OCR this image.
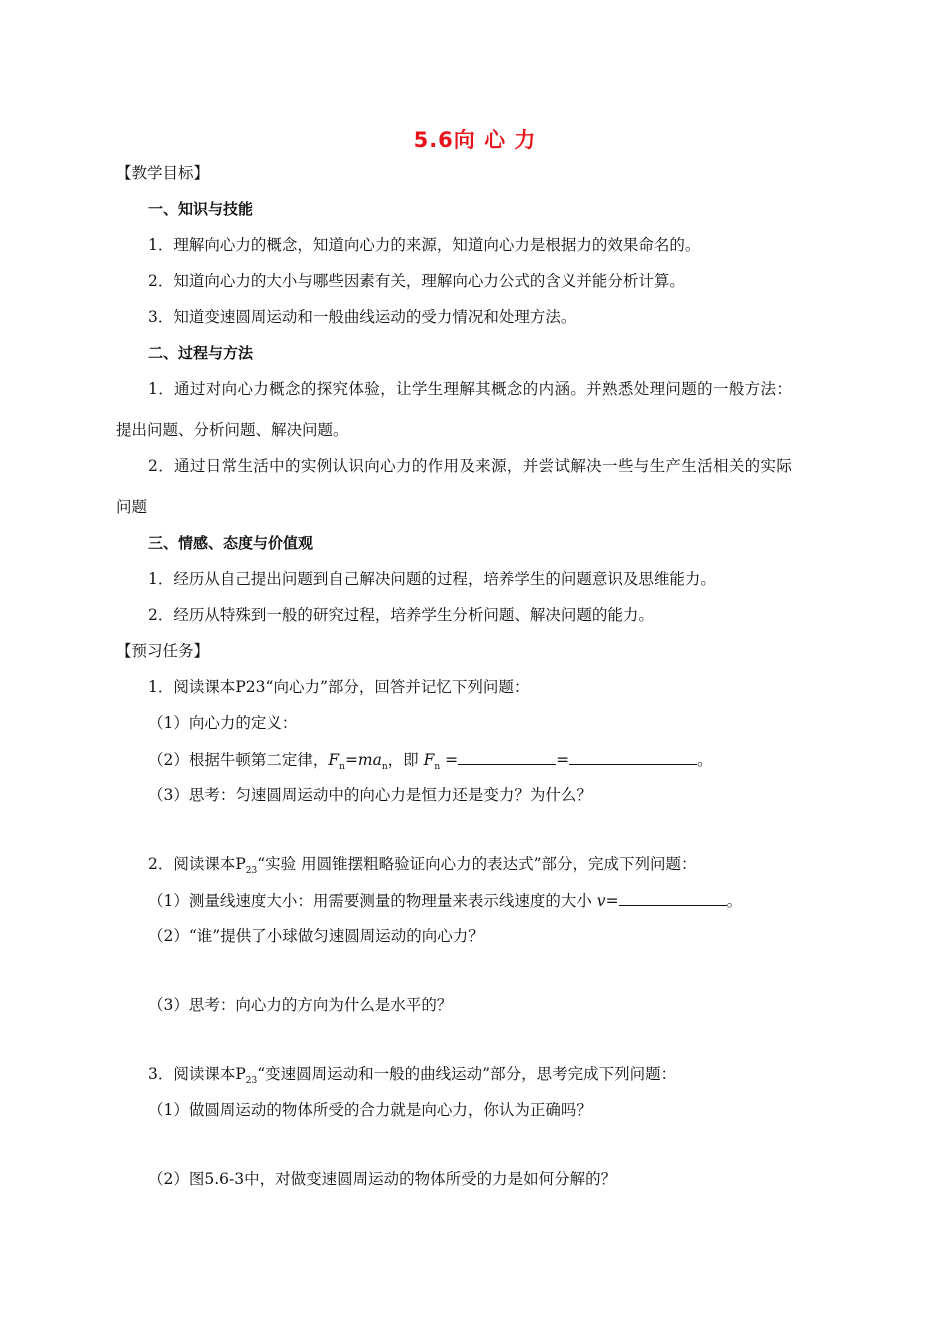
5.6向 心 力
【教学目标】
一、知识与技能
1．理解向心力的概念，知道向心力的来源，知道向心力是根据力的效果命名的。
2．知道向心力的大小与哪些因素有关，理解向心力公式的含义并能分析计算。
3．知道变速圆周运动和一般曲线运动的受力情况和处理方法。
二、过程与方法
1．通过对向心力概念的探究体验，让学生理解其概念的内涵。并熟悉处理问题的一般方法：
提出问题、分析问题、解决问题。
2．通过日常生活中的实例认识向心力的作用及来源，并尝试解决一些与生产生活相关的实际
问题
三、情感、态度与价值观
1．经历从自己提出问题到自己解决问题的过程，培养学生的问题意识及思维能力。
2．经历从特殊到一般的研究过程，培养学生分析问题、解决问题的能力。
【预习任务】
1．阅读课本P23“向心力”部分，回答并记忆下列问题：
（1）向心力的定义：
（2）根据牛顿第二定律，$F_n=ma_n$，即 $F_n$ =	=	。
（3）思考：匀速圆周运动中的向心力是恒力还是变力？为什么？
2．阅读课本$P_{23}“$实验 用圆锥摆粗略验证向心力的表达式”部分，完成下列问题：
（1）测量线速度大小：用需要测量的物理量来表示线速度的大小 v=	。
（2）“谁”提供了小球做匀速圆周运动的向心力？
（3）思考：向心力的方向为什么是水平的？
3．阅读课本$P_{23}“$变速圆周运动和一般的曲线运动”部分，思考完成下列问题：
（1）做圆周运动的物体所受的合力就是向心力，你认为正确吗？
（2）图5.6-3中，对做变速圆周运动的物体所受的力是如何分解的？
